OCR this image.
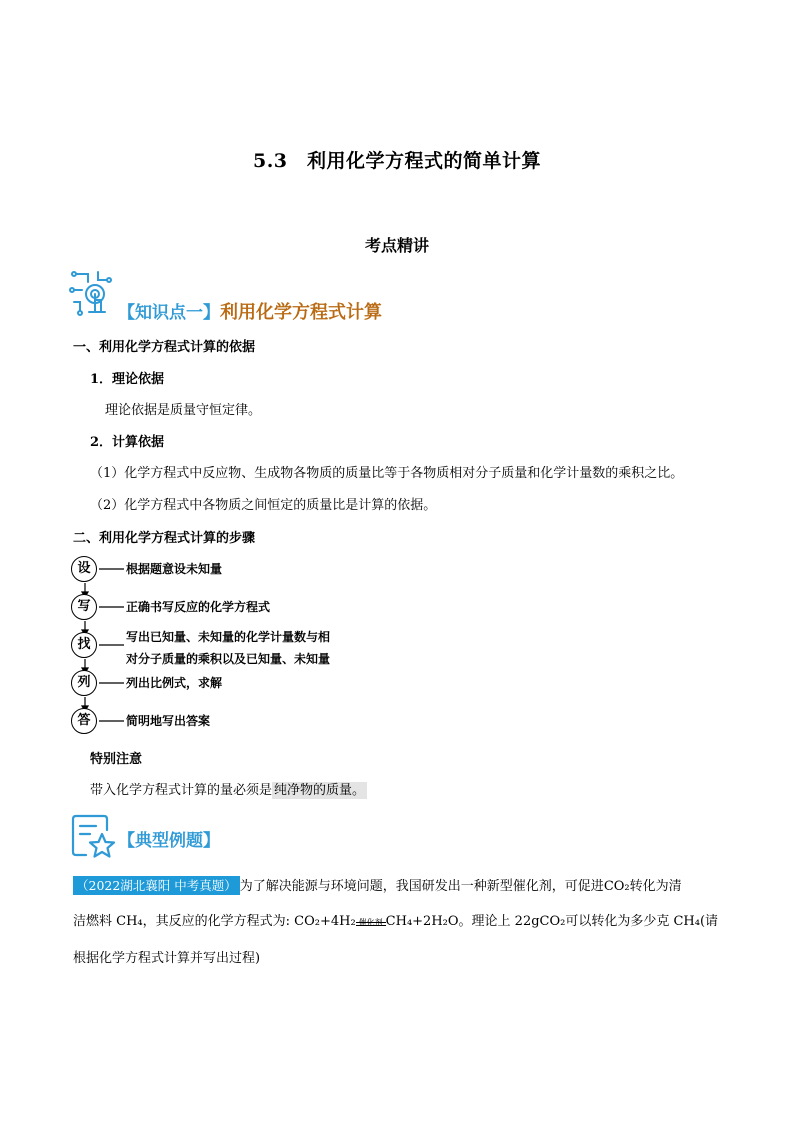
5.3　利用化学方程式的简单计算
考点精讲
【知识点一】利用化学方程式计算
一、利用化学方程式计算的依据
1．理论依据
理论依据是质量守恒定律。
2．计算依据
（1）化学方程式中反应物、生成物各物质的质量比等于各物质相对分子质量和化学计量数的乘积之比。
（2）化学方程式中各物质之间恒定的质量比是计算的依据。
二、利用化学方程式计算的步骤
设	根据题意设未知量
写	正确书写反应的化学方程式
找	写出已知量、未知量的化学计量数与相
对分子质量的乘积以及已知量、未知量
列	列出比例式，求解
答	简明地写出答案
特别注意
带入化学方程式计算的量必须是 纯净物的质量。
【典型例题】
（2022湖北襄阳 中考真题） 为了解决能源与环境问题，我国研发出一种新型催化剂，可促进CO₂转化为清
洁燃料 CH₄，其反应的化学方程式为: CO₂+4H₂ 催化剂 CH₄+2H₂O。理论上 22gCO₂可以转化为多少克 CH₄(请
根据化学方程式计算并写出过程)
